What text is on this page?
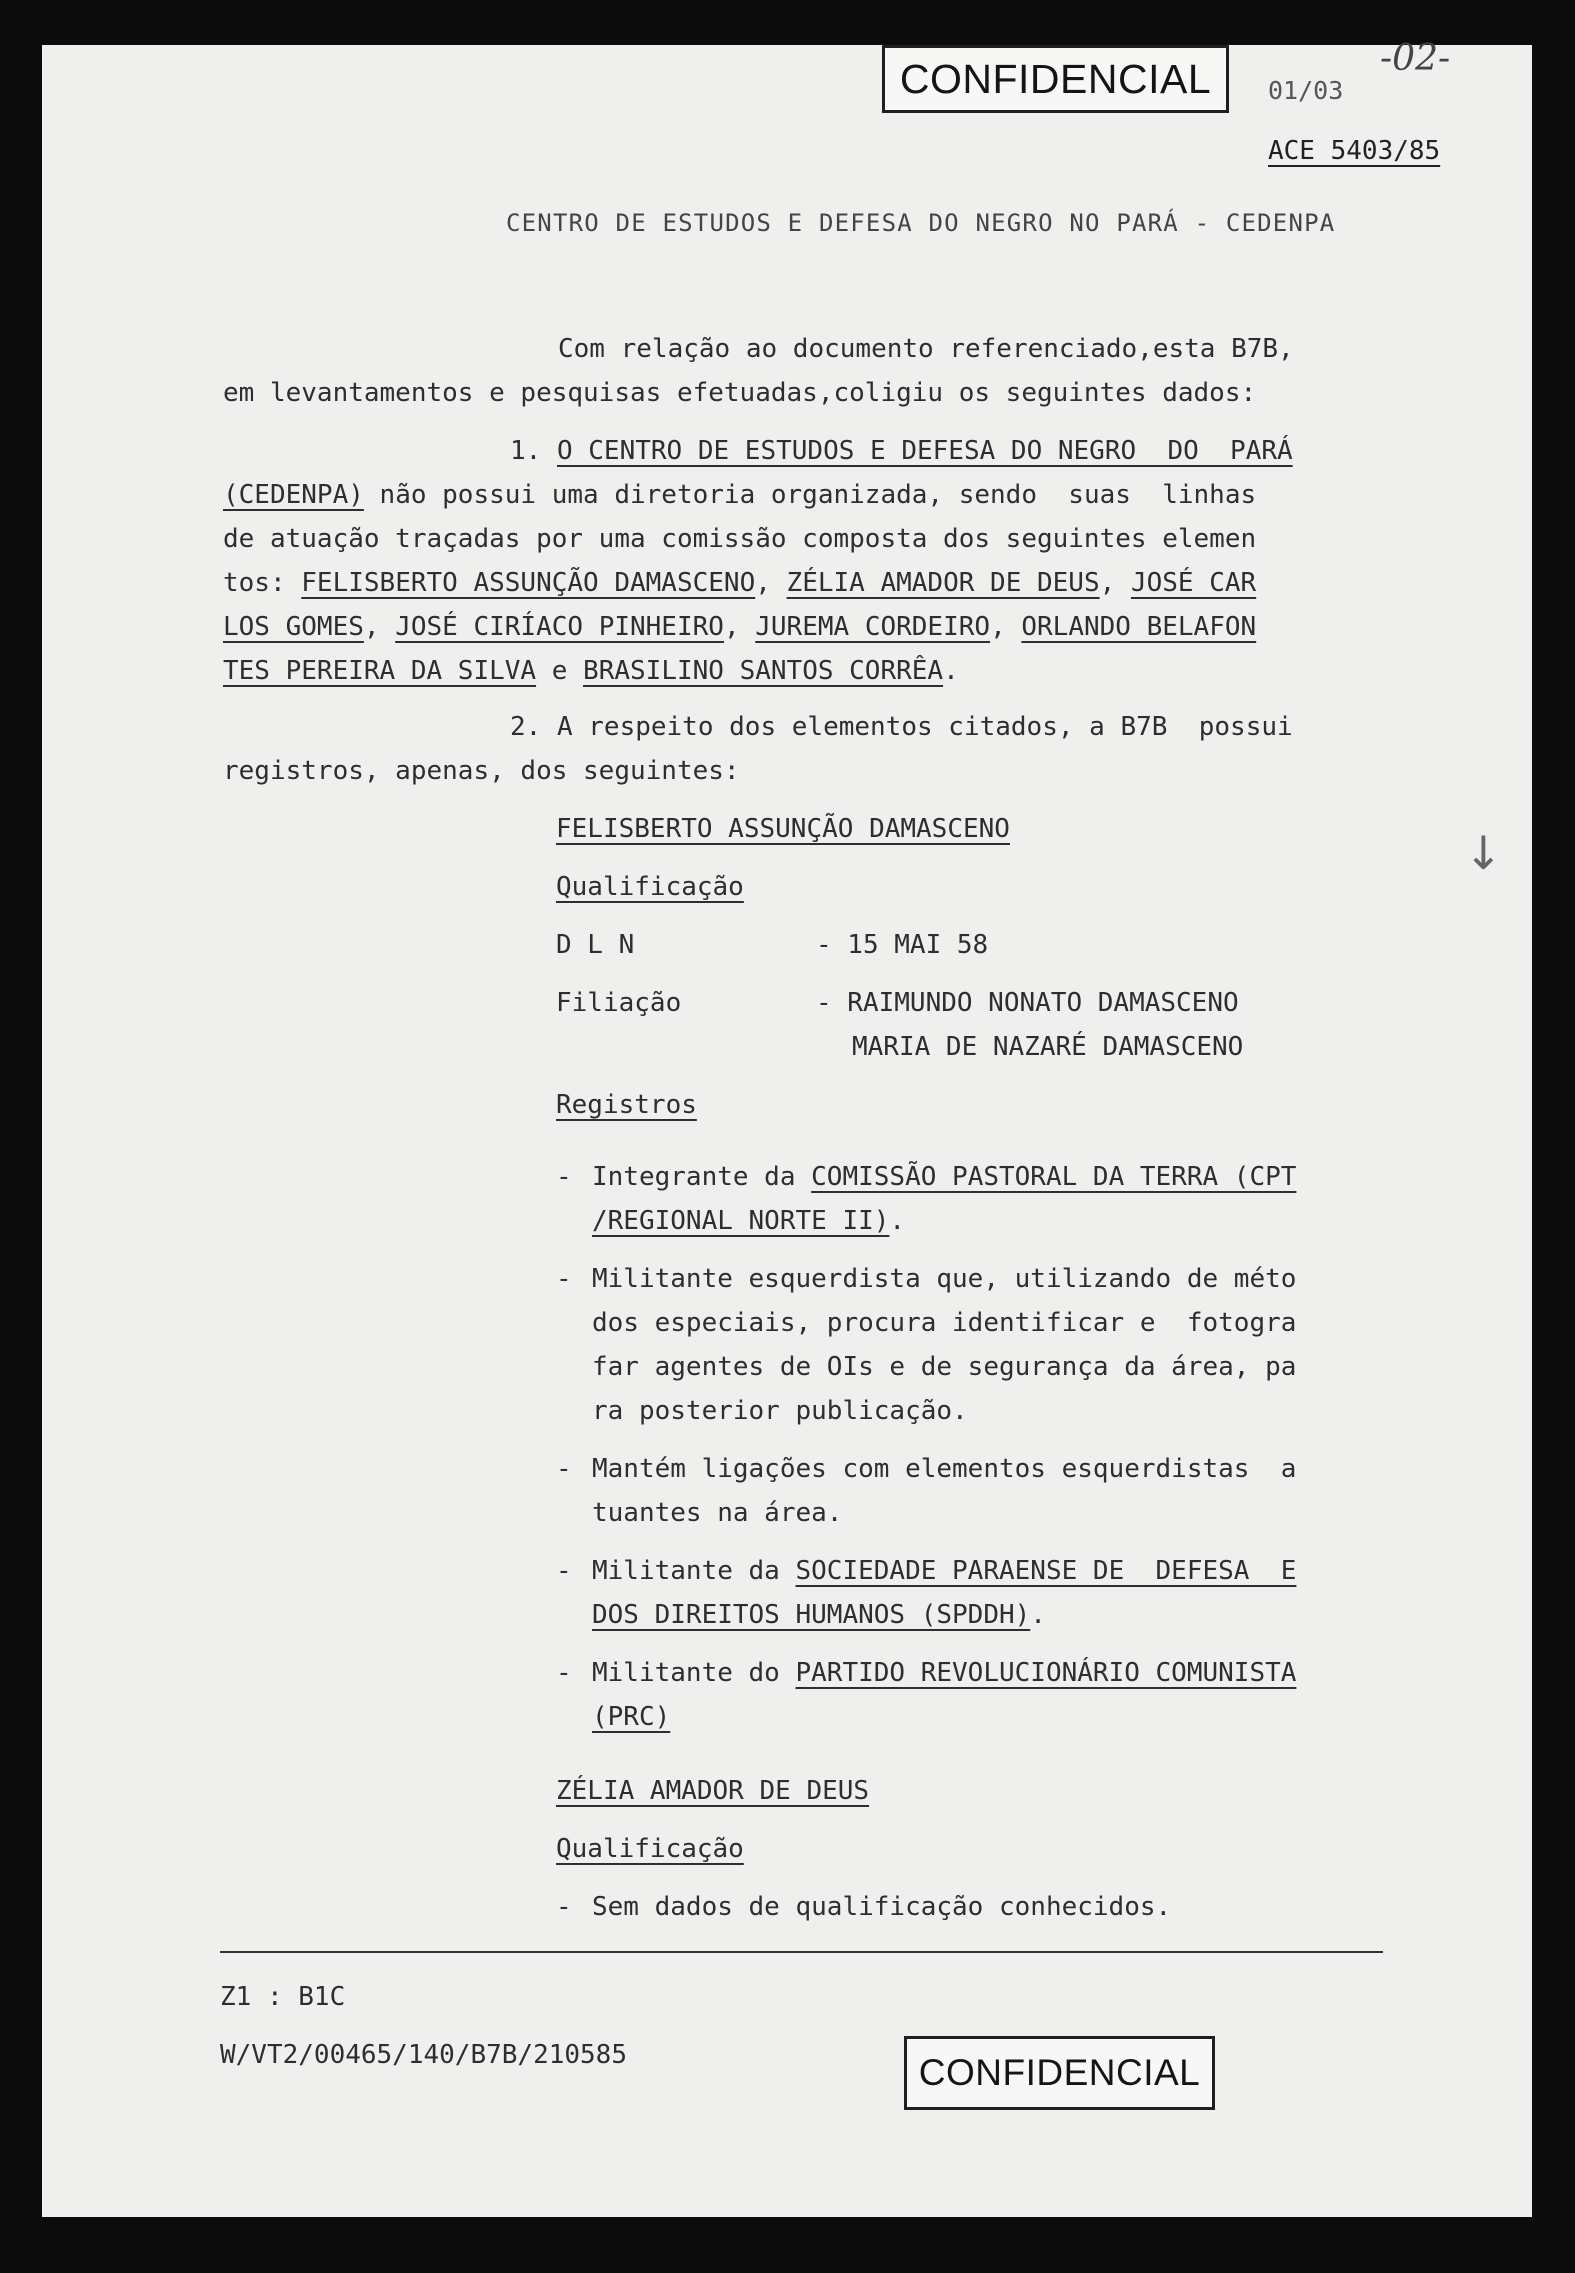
CONFIDENCIAL	01/03
-02-
ACE 5403/85
CENTRO DE ESTUDOS E DEFESA DO NEGRO NO PARÁ - CEDENPA
Com relação ao documento referenciado,esta B7B,
em levantamentos e pesquisas efetuadas,coligiu os seguintes dados:
1. O CENTRO DE ESTUDOS E DEFESA DO NEGRO  DO  PARÁ
(CEDENPA) não possui uma diretoria organizada, sendo  suas  linhas
de atuação traçadas por uma comissão composta dos seguintes elemen
tos: FELISBERTO ASSUNÇÃO DAMASCENO, ZÉLIA AMADOR DE DEUS, JOSÉ CAR
LOS GOMES, JOSÉ CIRÍACO PINHEIRO, JUREMA CORDEIRO, ORLANDO BELAFON
TES PEREIRA DA SILVA e BRASILINO SANTOS CORRÊA.
2. A respeito dos elementos citados, a B7B  possui
registros, apenas, dos seguintes:
FELISBERTO ASSUNÇÃO DAMASCENO
Qualificação
D L N	- 15 MAI 58
Filiação	- RAIMUNDO NONATO DAMASCENO
MARIA DE NAZARÉ DAMASCENO
Registros
- Integrante da COMISSÃO PASTORAL DA TERRA (CPT
/REGIONAL NORTE II).
- Militante esquerdista que, utilizando de méto
dos especiais, procura identificar e  fotogra
far agentes de OIs e de segurança da área, pa
ra posterior publicação.
- Mantém ligações com elementos esquerdistas  a
tuantes na área.
- Militante da SOCIEDADE PARAENSE DE  DEFESA  E
DOS DIREITOS HUMANOS (SPDDH).
- Militante do PARTIDO REVOLUCIONÁRIO COMUNISTA
(PRC)
ZÉLIA AMADOR DE DEUS
Qualificação
- Sem dados de qualificação conhecidos.
↓
Z1 : B1C
W/VT2/00465/140/B7B/210585	CONFIDENCIAL
